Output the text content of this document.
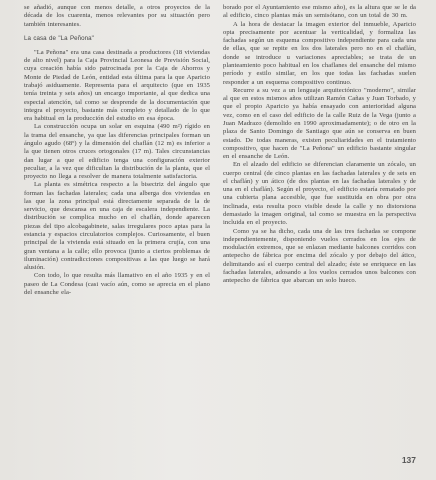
se añadió, aunque con menos detalle, a otros proyectos de la década de los cuarenta, menos relevantes por su situación pero también interesantes.

La casa de "La Peñona"

"La Peñona" era una casa destinada a productores (18 viviendas de alto nivel) para la Caja Provincial Leonesa de Previsión Social, cuya creación había sido patrocinada por la Caja de Ahorros y Monte de Piedad de León, entidad esta última para la que Aparicio trabajó asiduamente. Representa para el arquitecto (que en 1935 tenía treinta y seis años) un encargo importante, al que dedica una especial atención, tal como se desprende de la documentación que integra el proyecto, bastante más completo y detallado de lo que era habitual en la producción del estudio en esa época.

La construcción ocupa un solar en esquina (490 m²) rígido en la trama del ensanche, ya que las diferencias principales forman un ángulo agudo (68º) y la dimensión del chaflán (12 m) es inferior a la que tienen otros cruces ortogonales (17 m). Tales circunstancias dan lugar a que el edificio tenga una configuración exterior peculiar, a la vez que dificultan la distribución de la planta, que el proyecto no llega a resolver de manera totalmente satisfactoria.

La planta es simétrica respecto a la bisectriz del ángulo que forman las fachadas laterales; cada una alberga dos viviendas en las que la zona principal está directamente separada de la de servicio, que descansa en una caja de escalera independiente. La distribución se complica mucho en el chaflán, donde aparecen piezas del tipo alcobagabinete, salas irregulares poco aptas para la estancia y espacios circulatorios complejos. Curiosamente, el buen principal de la vivienda está situado en la primera crujía, con una gran ventana a la calle; ello provoca (junto a ciertos problemas de iluminación) contradicciones compositivas a las que luego se hará alusión.

Con todo, lo que resulta más llamativo en el año 1935 y en el paseo de La Condesa (casi vacío aún, como se aprecia en el plano del ensanche ela-

borado por el Ayuntamiento ese mismo año), es la altura que se le da al edificio, cinco plantas más un semisótano, con un total de 30 m.

A la hora de destacar la imagen exterior del inmueble, Aparicio opta precisamente por acentuar la verticalidad, y formaliza las fachadas según un esquema compositivo independiente para cada una de ellas, que se repite en los dos laterales pero no en el chaflán, donde se introduce u variaciones apreciables; se trata de un planteamiento poco habitual en los chaflanes del ensanche del mismo período y estilo similar, en los que todas las fachadas suelen responder a un esquema compositivo continuo.

Recurre a su vez a un lenguaje arquitectónico "moderno", similar al que en estos mismos años utilizan Ramón Cañas y Juan Torbado, y que el propio Aparicio ya había ensayado con anterioridad alguna vez, como en el caso del edificio de la calle Ruiz de la Vega (junto a Juan Madrazo (demolido en 1990 aproximadamente); o de otro en la plaza de Santo Domingo de Santiago que aún se conserva en buen estado. De todas maneras, existen peculiaridades en el tratamiento compositivo, que hacen de "La Peñona" un edificio bastante singular en el ensanche de León.

En el alzado del edificio se diferencian claramente un zócalo, un cuerpo central (de cinco plantas en las fachadas laterales y de seis en el chaflán) y un ático (de dos plantas en las fachadas laterales y de una en el chaflán). Según el proyecto, el edificio estaría rematado por una cubierta plana accesible, que fue sustituida en obra por otra inclinada, esta resulta poco visible desde la calle y no distorsiona demasiado la imagen original, tal como se muestra en la perspectiva incluida en el proyecto.

Como ya se ha dicho, cada una de las tres fachadas se compone independientemente, disponiendo vuelos cerrados en los ejes de modulación extremos, que se enlazan mediante balcones corridos con antepecho de fábrica por encima del zócalo y por debajo del ático, delimitando así el cuerpo central del alzado; éste se enriquece en las fachadas laterales, adosando a los vuelos cerrados unos balcones con antepecho de fábrica que abarcan un solo hueco.

137
